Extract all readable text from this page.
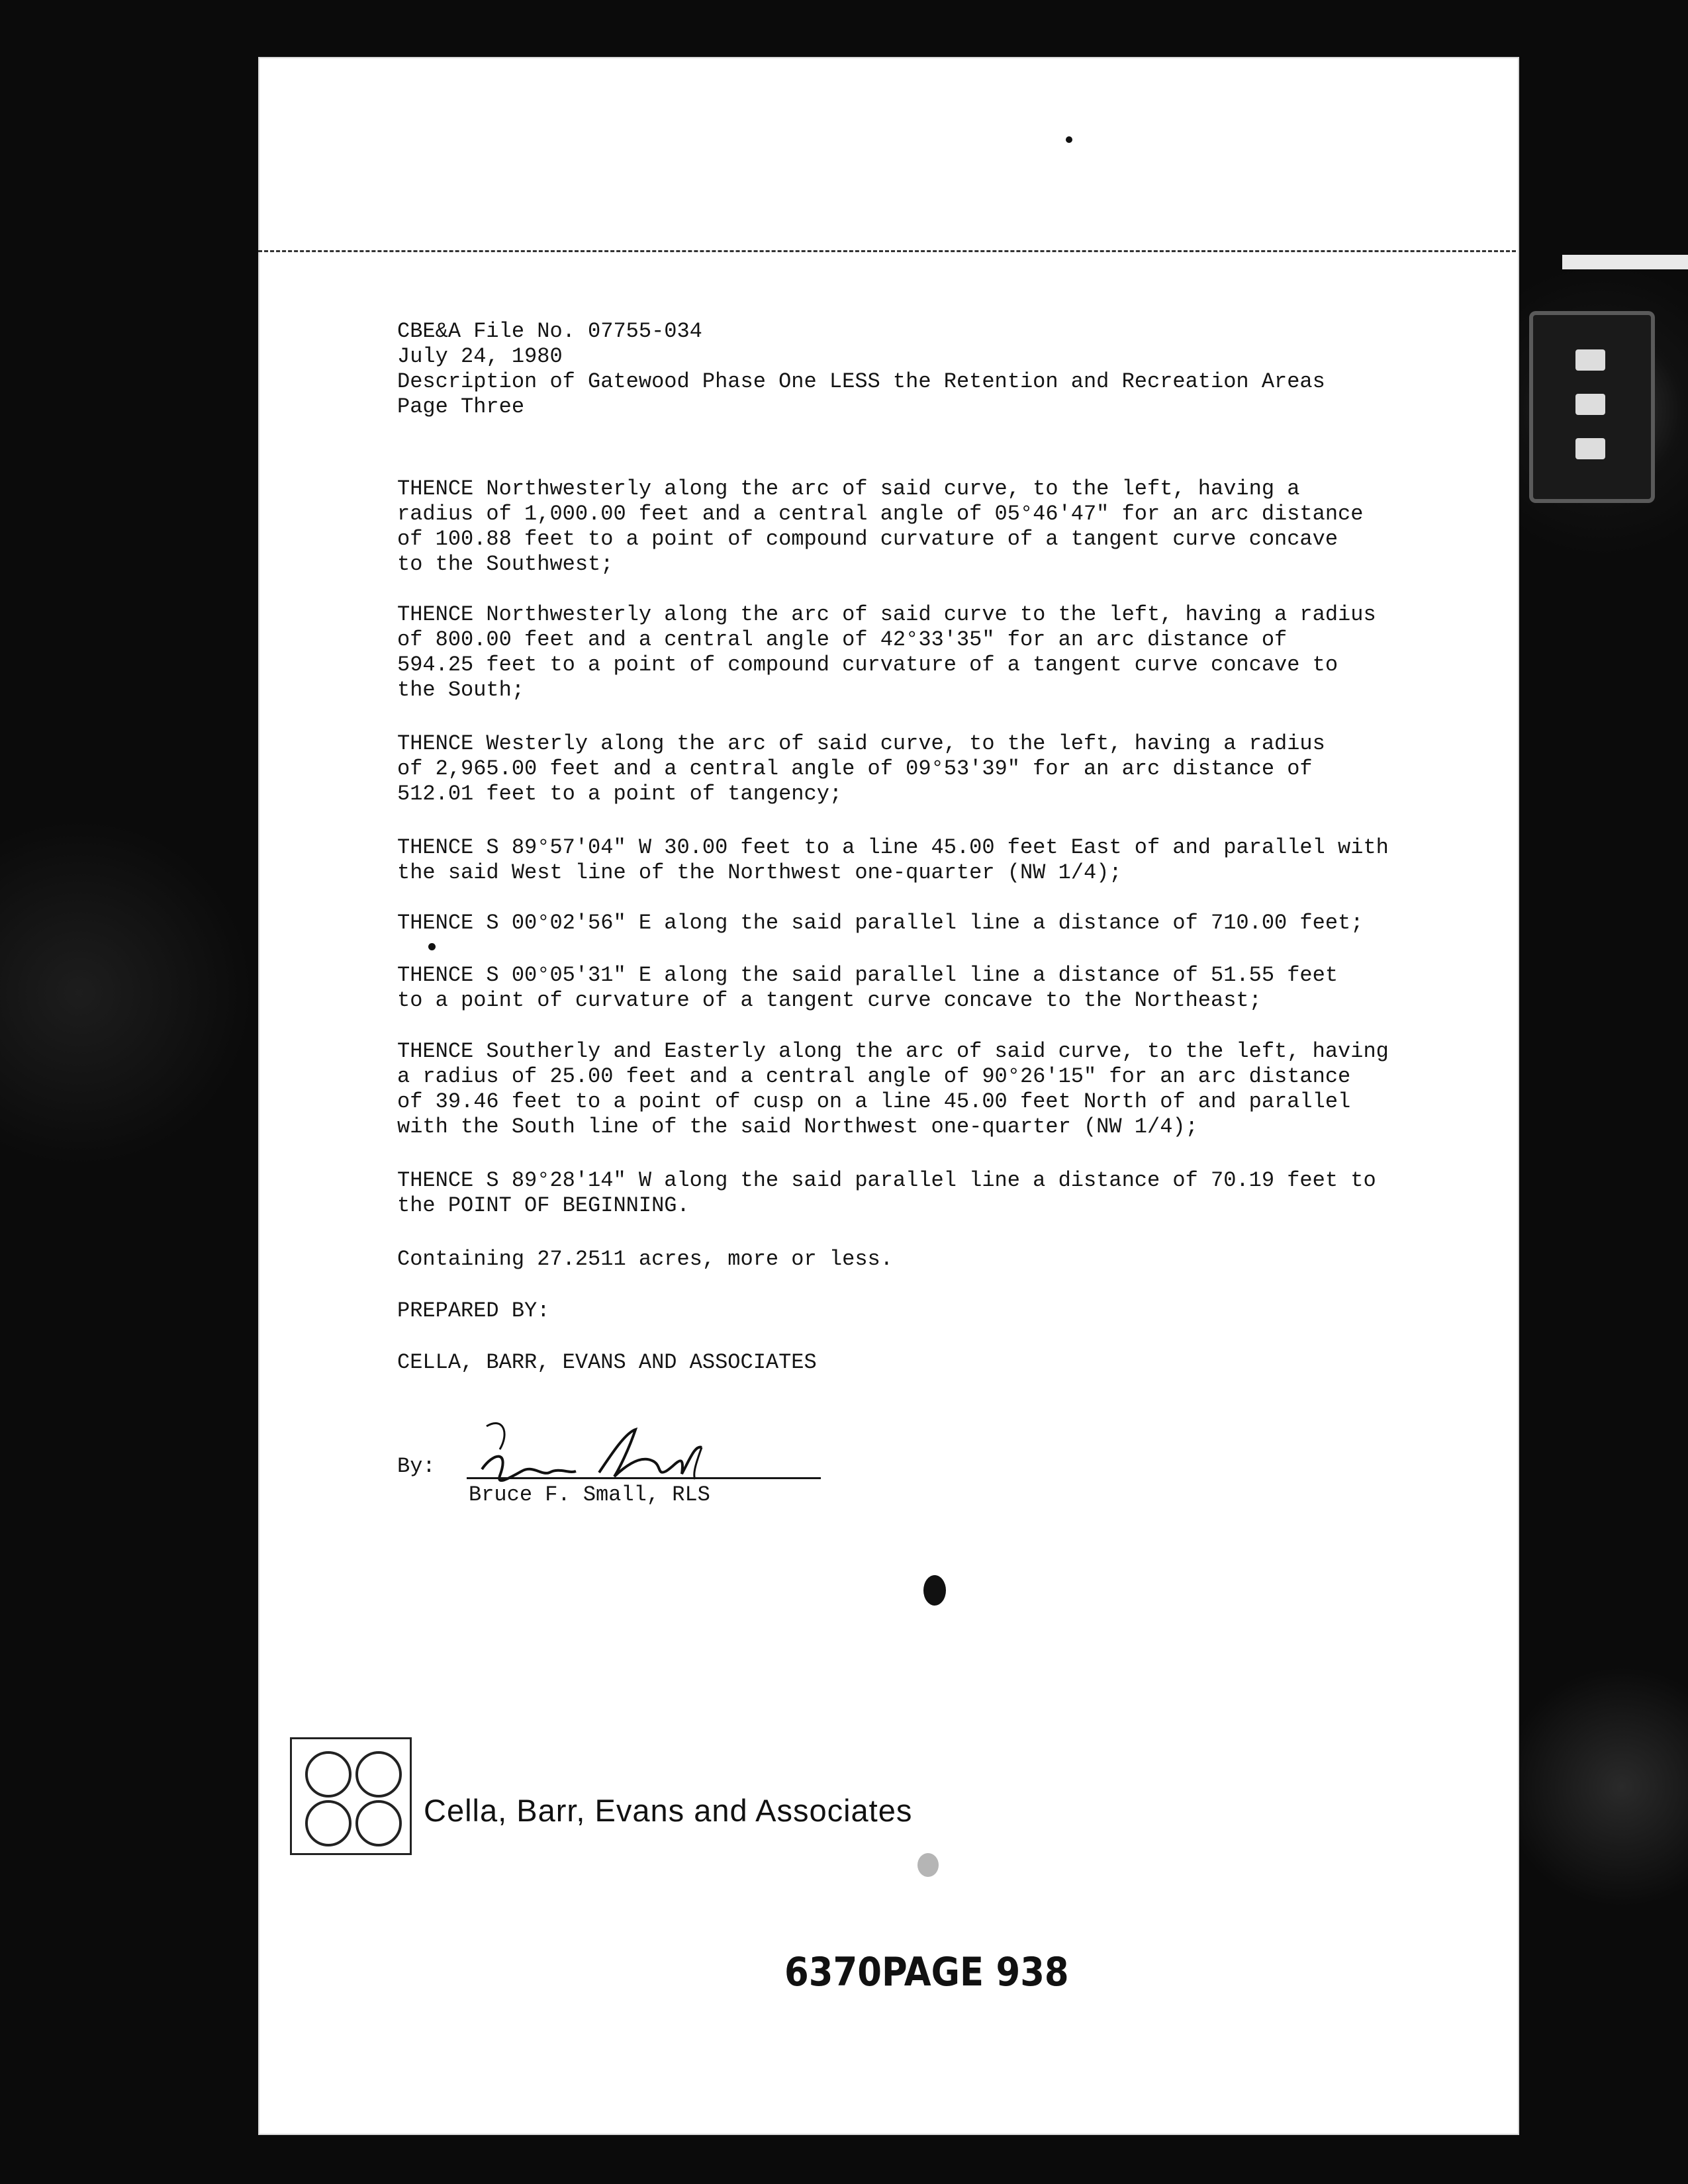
CBE&A File No. 07755-034
July 24, 1980
Description of Gatewood Phase One LESS the Retention and Recreation Areas
Page Three
THENCE Northwesterly along the arc of said curve, to the left, having a
radius of 1,000.00 feet and a central angle of 05°46'47" for an arc distance
of 100.88 feet to a point of compound curvature of a tangent curve concave
to the Southwest;
THENCE Northwesterly along the arc of said curve to the left, having a radius
of 800.00 feet and a central angle of 42°33'35" for an arc distance of
594.25 feet to a point of compound curvature of a tangent curve concave to
the South;
THENCE Westerly along the arc of said curve, to the left, having a radius
of 2,965.00 feet and a central angle of 09°53'39" for an arc distance of
512.01 feet to a point of tangency;
THENCE S 89°57'04" W 30.00 feet to a line 45.00 feet East of and parallel with
the said West line of the Northwest one-quarter (NW 1/4);
THENCE S 00°02'56" E along the said parallel line a distance of 710.00 feet;
THENCE S 00°05'31" E along the said parallel line a distance of 51.55 feet
to a point of curvature of a tangent curve concave to the Northeast;
THENCE Southerly and Easterly along the arc of said curve, to the left, having
a radius of 25.00 feet and a central angle of 90°26'15" for an arc distance
of 39.46 feet to a point of cusp on a line 45.00 feet North of and parallel
with the South line of the said Northwest one-quarter (NW 1/4);
THENCE S 89°28'14" W along the said parallel line a distance of 70.19 feet to
the POINT OF BEGINNING.
Containing 27.2511 acres, more or less.
PREPARED BY:
CELLA, BARR, EVANS AND ASSOCIATES
By:
Bruce F. Small, RLS
Cella, Barr, Evans and Associates
6370PAGE 938
